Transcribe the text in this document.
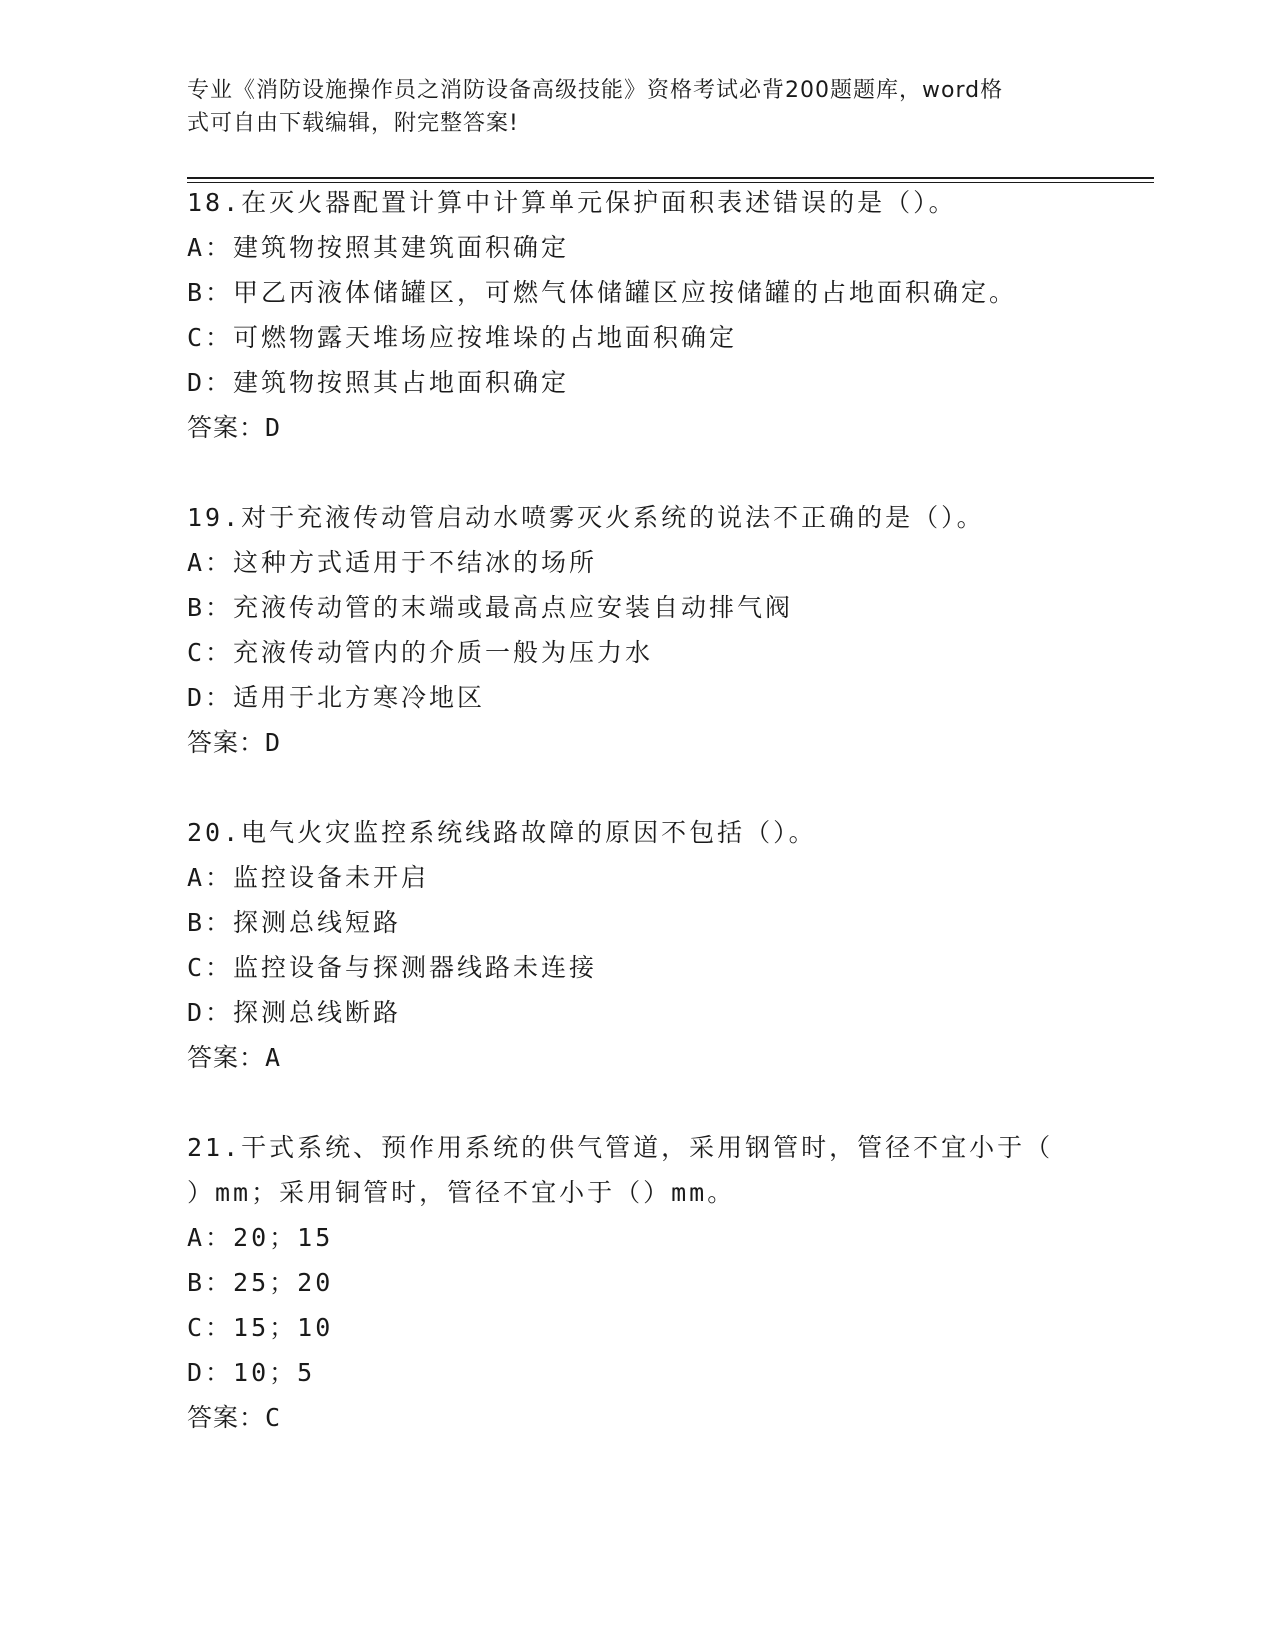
专业《消防设施操作员之消防设备高级技能》资格考试必背200题题库，word格
式可自由下载编辑，附完整答案!
18.在灭火器配置计算中计算单元保护面积表述错误的是（）。
A：建筑物按照其建筑面积确定
B：甲乙丙液体储罐区，可燃气体储罐区应按储罐的占地面积确定。
C：可燃物露天堆场应按堆垛的占地面积确定
D：建筑物按照其占地面积确定
答案：D
19.对于充液传动管启动水喷雾灭火系统的说法不正确的是（）。
A：这种方式适用于不结冰的场所
B：充液传动管的末端或最高点应安装自动排气阀
C：充液传动管内的介质一般为压力水
D：适用于北方寒冷地区
答案：D
20.电气火灾监控系统线路故障的原因不包括（）。
A：监控设备未开启
B：探测总线短路
C：监控设备与探测器线路未连接
D：探测总线断路
答案：A
21.干式系统、预作用系统的供气管道，采用钢管时，管径不宜小于（
）mm；采用铜管时，管径不宜小于（）mm。
A：20；15
B：25；20
C：15；10
D：10；5
答案：C
